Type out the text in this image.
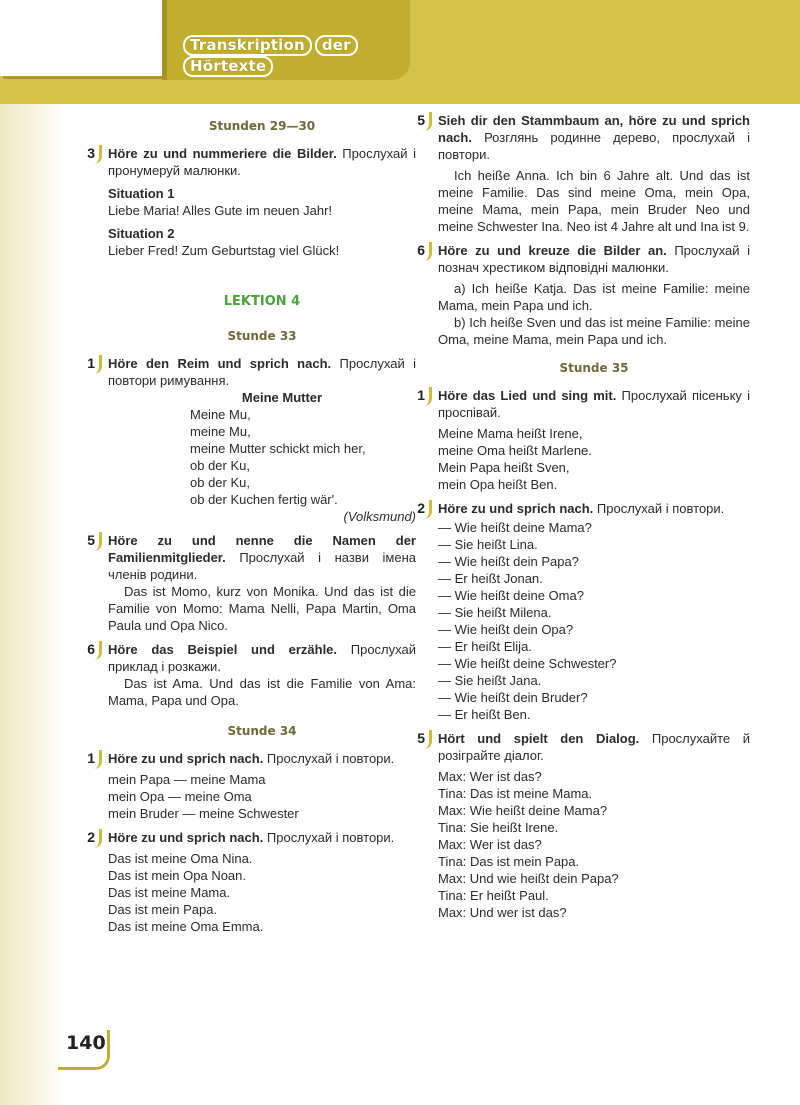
Transkription derHörtexte
Stunden 29—30
3	Höre zu und nummeriere die Bilder. Прослухай і пронумеруй малюнки.
Situation 1
Liebe Maria! Alles Gute im neuen Jahr!
Situation 2
Lieber Fred! Zum Geburtstag viel Glück!
LEKTION 4
Stunde 33
1	Höre den Reim und sprich nach. Прослухай і повтори римування.
Meine Mutter
Meine Mu,
meine Mu,
meine Mutter schickt mich her,
ob der Ku,
ob der Ku,
ob der Kuchen fertig wär'.
(Volksmund)
5	Höre zu und nenne die Namen der Familienmitglieder. Прослухай і назви імена членів родини.

Das ist Momo, kurz von Monika. Und das ist die Familie von Momo: Mama Nelli, Papa Martin, Oma Paula und Opa Nico.

6	Höre das Beispiel und erzähle. Прослухай приклад і розкажи.

Das ist Ama. Und das ist die Familie von Ama: Mama, Papa und Opa.

Stunde 34
1	Höre zu und sprich nach. Прослухай і повтори.
mein Papa — meine Mama
mein Opa — meine Oma
mein Bruder — meine Schwester
2	Höre zu und sprich nach. Прослухай і повтори.
Das ist meine Oma Nina.
Das ist mein Opa Noan.
Das ist meine Mama.
Das ist mein Papa.
Das ist meine Oma Emma.
5	Sieh dir den Stammbaum an, höre zu und sprich nach. Розглянь родинне дерево, прослухай і повтори.

Ich heiße Anna. Ich bin 6 Jahre alt. Und das ist meine Familie. Das sind meine Oma, mein Opa, meine Mama, mein Papa, mein Bruder Neo und meine Schwester Ina. Neo ist 4 Jahre alt und Ina ist 9.

6	Höre zu und kreuze die Bilder an. Прослухай і познач хрестиком відповідні малюнки.

a) Ich heiße Katja. Das ist meine Familie: meine Mama, mein Papa und ich.

b) Ich heiße Sven und das ist meine Familie: meine Oma, meine Mama, mein Papa und ich.

Stunde 35
1	Höre das Lied und sing mit. Прослухай пісеньку і проспівай.
Meine Mama heißt Irene,
meine Oma heißt Marlene.
Mein Papa heißt Sven,
mein Opa heißt Ben.
2	Höre zu und sprich nach. Прослухай і повтори.
— Wie heißt deine Mama?
— Sie heißt Lina.
— Wie heißt dein Papa?
— Er heißt Jonan.
— Wie heißt deine Oma?
— Sie heißt Milena.
— Wie heißt dein Opa?
— Er heißt Elija.
— Wie heißt deine Schwester?
— Sie heißt Jana.
— Wie heißt dein Bruder?
— Er heißt Ben.
5	Hört und spielt den Dialog. Прослухайте й розіграйте діалог.
Max: Wer ist das?
Tina: Das ist meine Mama.
Max: Wie heißt deine Mama?
Tina: Sie heißt Irene.
Max: Wer ist das?
Tina: Das ist mein Papa.
Max: Und wie heißt dein Papa?
Tina: Er heißt Paul.
Max: Und wer ist das?
140
